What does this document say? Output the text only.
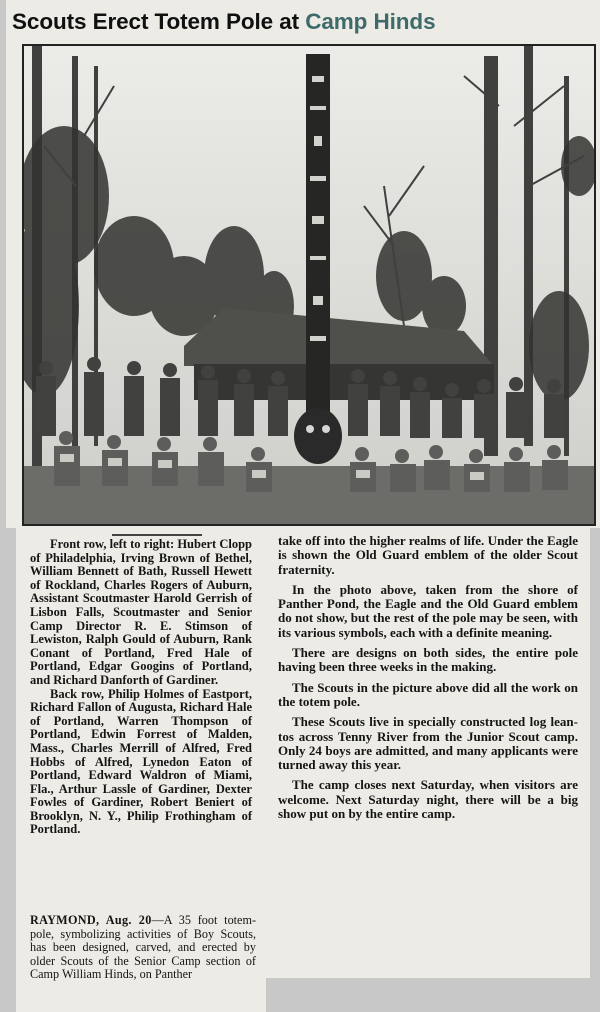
Scouts Erect Totem Pole at Camp Hinds

Front row, left to right: Hubert Clopp of Philadelphia, Irving Brown of Bethel, William Bennett of Bath, Russell Hewett of Rockland, Charles Rogers of Auburn, Assistant Scoutmaster Harold Gerrish of Lisbon Falls, Scoutmaster and Senior Camp Director R. E. Stimson of Lewiston, Ralph Gould of Auburn, Rank Conant of Portland, Fred Hale of Portland, Edgar Googins of Portland, and Richard Danforth of Gardiner.

Back row, Philip Holmes of Eastport, Richard Fallon of Augusta, Richard Hale of Portland, Warren Thompson of Portland, Edwin Forrest of Malden, Mass., Charles Merrill of Alfred, Fred Hobbs of Alfred, Lynedon Eaton of Portland, Edward Waldron of Miami, Fla., Arthur Lassle of Gardiner, Dexter Fowles of Gardiner, Robert Beniert of Brooklyn, N. Y., Philip Frothingham of Portland.

RAYMOND, Aug. 20—A 35 foot totem-pole, symbolizing activities of Boy Scouts, has been designed, carved, and erected by older Scouts of the Senior Camp section of Camp William Hinds, on Panther

take off into the higher realms of life. Under the Eagle is shown the Old Guard emblem of the older Scout fraternity.

In the photo above, taken from the shore of Panther Pond, the Eagle and the Old Guard emblem do not show, but the rest of the pole may be seen, with its various symbols, each with a definite meaning.

There are designs on both sides, the entire pole having been three weeks in the making.

The Scouts in the picture above did all the work on the totem pole.

These Scouts live in specially constructed log lean-tos across Tenny River from the Junior Scout camp. Only 24 boys are admitted, and many applicants were turned away this year.

The camp closes next Saturday, when visitors are welcome. Next Saturday night, there will be a big show put on by the entire camp.
